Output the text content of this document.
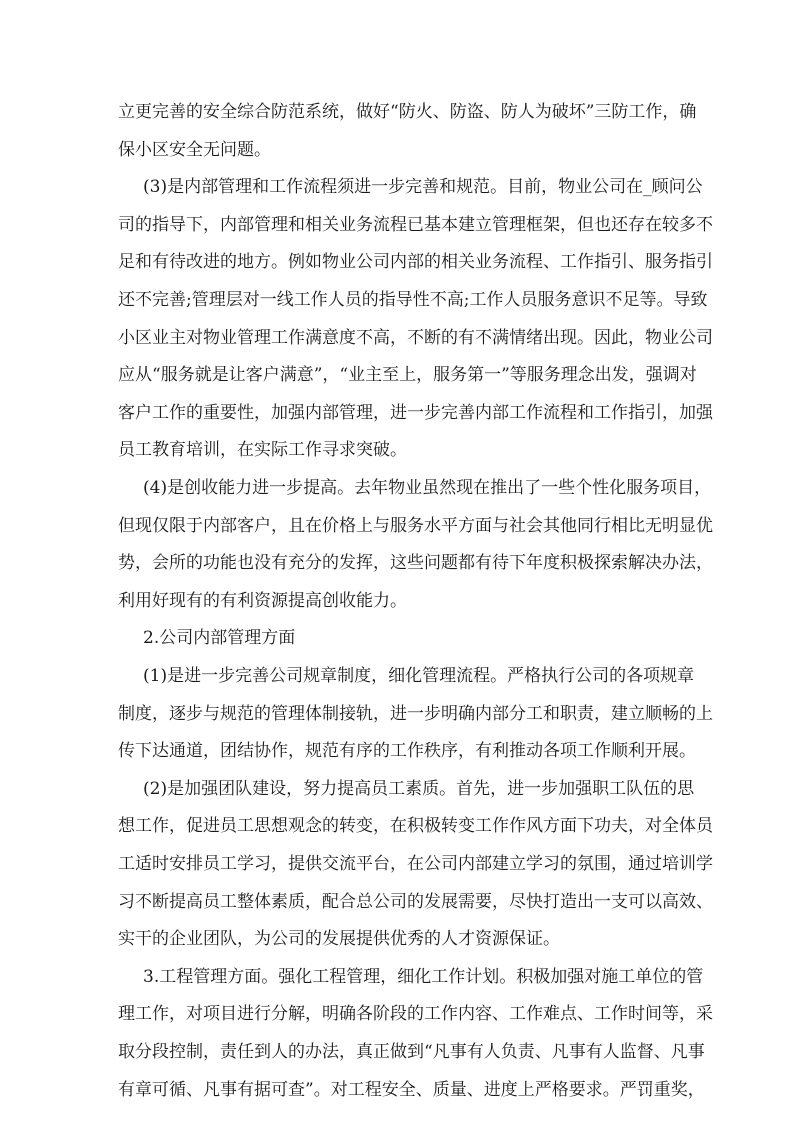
立更完善的安全综合防范系统，做好“防火、防盗、防人为破坏”三防工作，确
保小区安全无问题。
(3)是内部管理和工作流程须进一步完善和规范。目前，物业公司在_顾问公
司的指导下，内部管理和相关业务流程已基本建立管理框架，但也还存在较多不
足和有待改进的地方。例如物业公司内部的相关业务流程、工作指引、服务指引
还不完善;管理层对一线工作人员的指导性不高;工作人员服务意识不足等。导致
小区业主对物业管理工作满意度不高，不断的有不满情绪出现。因此，物业公司
应从“服务就是让客户满意”，“业主至上，服务第一”等服务理念出发，强调对
客户工作的重要性，加强内部管理，进一步完善内部工作流程和工作指引，加强
员工教育培训，在实际工作寻求突破。
(4)是创收能力进一步提高。去年物业虽然现在推出了一些个性化服务项目，
但现仅限于内部客户，且在价格上与服务水平方面与社会其他同行相比无明显优
势，会所的功能也没有充分的发挥，这些问题都有待下年度积极探索解决办法，
利用好现有的有利资源提高创收能力。
2.公司内部管理方面
(1)是进一步完善公司规章制度，细化管理流程。严格执行公司的各项规章
制度，逐步与规范的管理体制接轨，进一步明确内部分工和职责，建立顺畅的上
传下达通道，团结协作，规范有序的工作秩序，有利推动各项工作顺利开展。
(2)是加强团队建设，努力提高员工素质。首先，进一步加强职工队伍的思
想工作，促进员工思想观念的转变，在积极转变工作作风方面下功夫，对全体员
工适时安排员工学习，提供交流平台，在公司内部建立学习的氛围，通过培训学
习不断提高员工整体素质，配合总公司的发展需要，尽快打造出一支可以高效、
实干的企业团队，为公司的发展提供优秀的人才资源保证。
3.工程管理方面。强化工程管理，细化工作计划。积极加强对施工单位的管
理工作，对项目进行分解，明确各阶段的工作内容、工作难点、工作时间等，采
取分段控制，责任到人的办法，真正做到“凡事有人负责、凡事有人监督、凡事
有章可循、凡事有据可查”。对工程安全、质量、进度上严格要求。严罚重奖，
